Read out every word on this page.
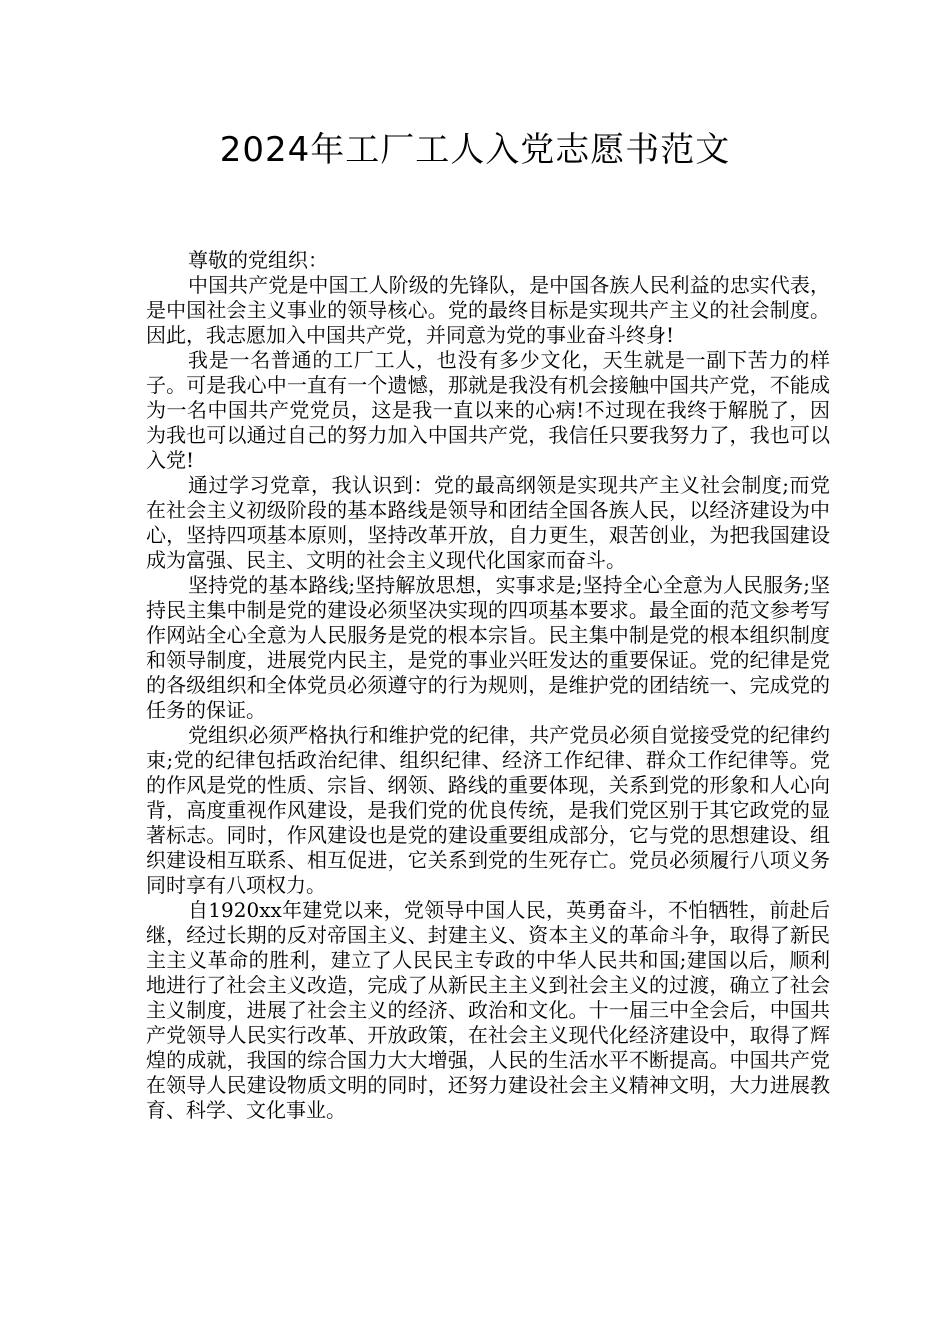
2024年工厂工人入党志愿书范文

尊敬的党组织：

中国共产党是中国工人阶级的先锋队，是中国各族人民利益的忠实代表，是中国社会主义事业的领导核心。党的最终目标是实现共产主义的社会制度。因此，我志愿加入中国共产党，并同意为党的事业奋斗终身!

我是一名普通的工厂工人，也没有多少文化，天生就是一副下苦力的样子。可是我心中一直有一个遗憾，那就是我没有机会接触中国共产党，不能成为一名中国共产党党员，这是我一直以来的心病!不过现在我终于解脱了，因为我也可以通过自己的努力加入中国共产党，我信任只要我努力了，我也可以入党!

通过学习党章，我认识到：党的最高纲领是实现共产主义社会制度;而党在社会主义初级阶段的基本路线是领导和团结全国各族人民，以经济建设为中心，坚持四项基本原则，坚持改革开放，自力更生，艰苦创业，为把我国建设成为富强、民主、文明的社会主义现代化国家而奋斗。

坚持党的基本路线;坚持解放思想，实事求是;坚持全心全意为人民服务;坚持民主集中制是党的建设必须坚决实现的四项基本要求。最全面的范文参考写作网站全心全意为人民服务是党的根本宗旨。民主集中制是党的根本组织制度和领导制度，进展党内民主，是党的事业兴旺发达的重要保证。党的纪律是党的各级组织和全体党员必须遵守的行为规则，是维护党的团结统一、完成党的任务的保证。

党组织必须严格执行和维护党的纪律，共产党员必须自觉接受党的纪律约束;党的纪律包括政治纪律、组织纪律、经济工作纪律、群众工作纪律等。党的作风是党的性质、宗旨、纲领、路线的重要体现，关系到党的形象和人心向背，高度重视作风建设，是我们党的优良传统，是我们党区别于其它政党的显著标志。同时，作风建设也是党的建设重要组成部分，它与党的思想建设、组织建设相互联系、相互促进，它关系到党的生死存亡。党员必须履行八项义务同时享有八项权力。

自1920xx年建党以来，党领导中国人民，英勇奋斗，不怕牺牲，前赴后继，经过长期的反对帝国主义、封建主义、资本主义的革命斗争，取得了新民主主义革命的胜利，建立了人民民主专政的中华人民共和国;建国以后，顺利地进行了社会主义改造，完成了从新民主主义到社会主义的过渡，确立了社会主义制度，进展了社会主义的经济、政治和文化。十一届三中全会后，中国共产党领导人民实行改革、开放政策，在社会主义现代化经济建设中，取得了辉煌的成就，我国的综合国力大大增强，人民的生活水平不断提高。中国共产党在领导人民建设物质文明的同时，还努力建设社会主义精神文明，大力进展教育、科学、文化事业。
